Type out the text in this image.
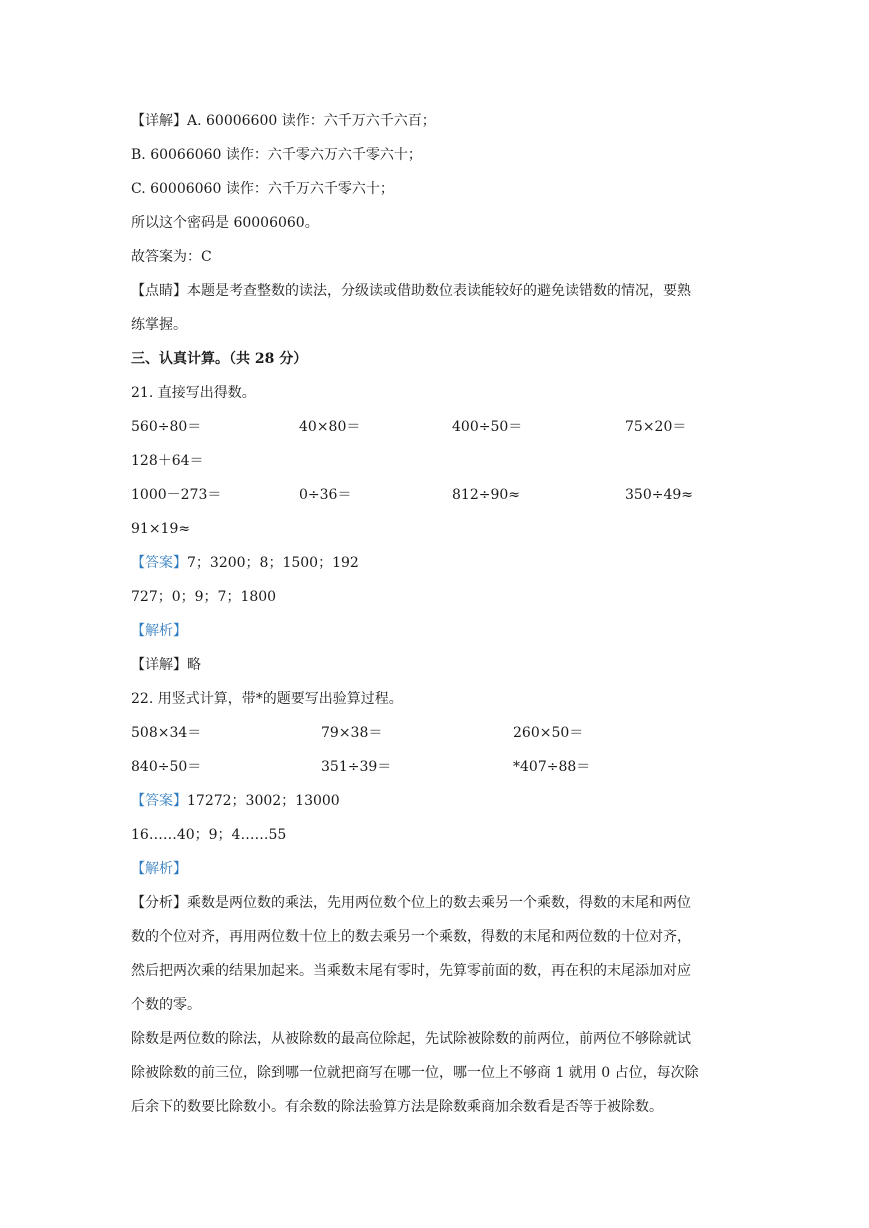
【详解】A. 60006600 读作：六千万六千六百；
B. 60066060 读作：六千零六万六千零六十；
C. 60006060 读作：六千万六千零六十；
所以这个密码是 60006060。
故答案为：C
【点睛】本题是考查整数的读法，分级读或借助数位表读能较好的避免读错数的情况，要熟
练掌握。
三、认真计算。（共 28 分）
21. 直接写出得数。
560÷80＝	40×80＝	400÷50＝	75×20＝
128＋64＝
1000－273＝	0÷36＝	812÷90≈	350÷49≈
91×19≈
【答案】7；3200；8；1500；192
727；0；9；7；1800
【解析】
【详解】略
22. 用竖式计算，带*的题要写出验算过程。
508×34＝	79×38＝	260×50＝
840÷50＝	351÷39＝	*407÷88＝
【答案】17272；3002；13000
16……40；9；4……55
【解析】
【分析】乘数是两位数的乘法，先用两位数个位上的数去乘另一个乘数，得数的末尾和两位
数的个位对齐，再用两位数十位上的数去乘另一个乘数，得数的末尾和两位数的十位对齐，
然后把两次乘的结果加起来。当乘数末尾有零时，先算零前面的数，再在积的末尾添加对应
个数的零。
除数是两位数的除法，从被除数的最高位除起，先试除被除数的前两位，前两位不够除就试
除被除数的前三位，除到哪一位就把商写在哪一位，哪一位上不够商 1 就用 0 占位，每次除
后余下的数要比除数小。有余数的除法验算方法是除数乘商加余数看是否等于被除数。
